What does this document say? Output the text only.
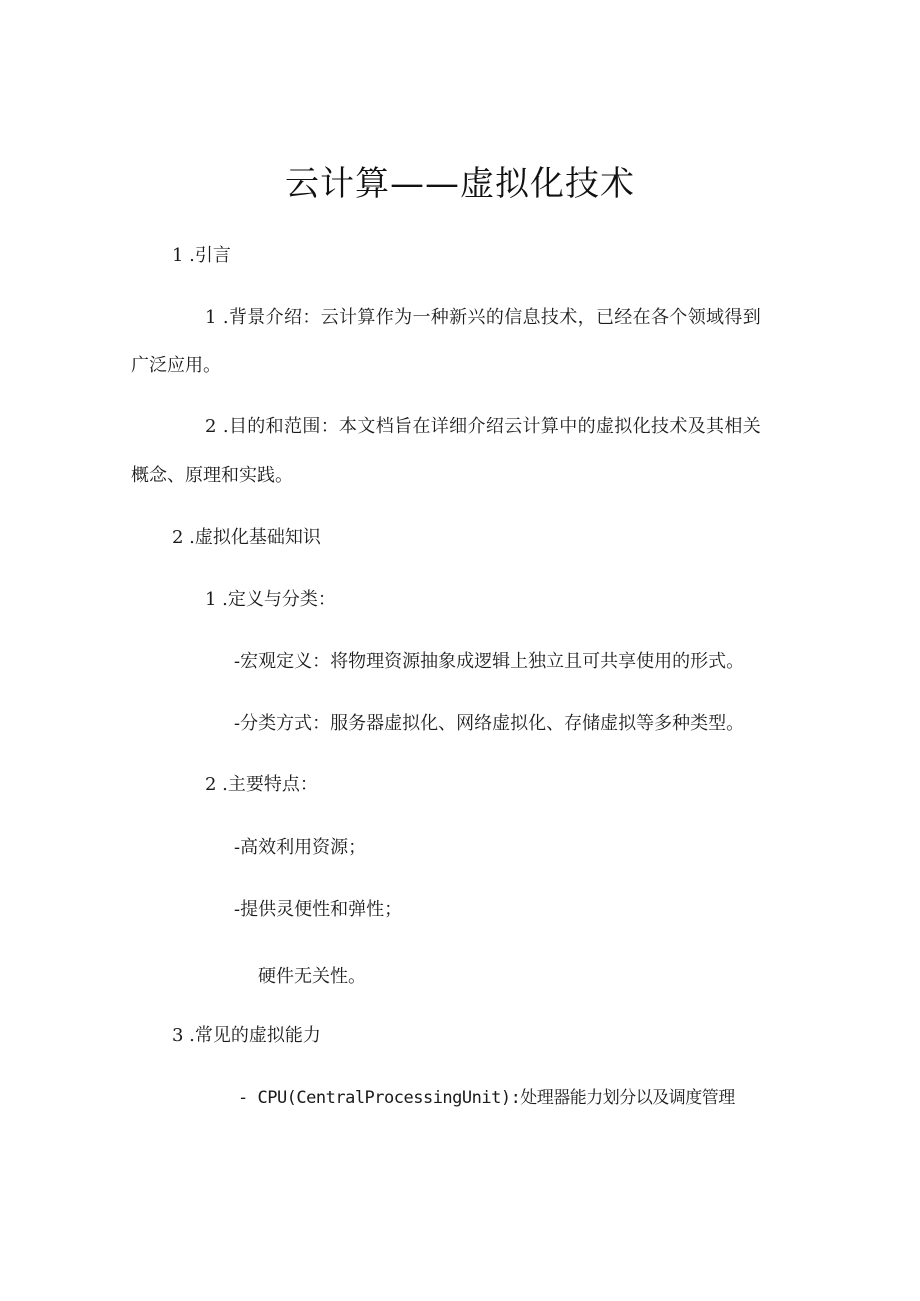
云计算——虚拟化技术
1 .引言
1 .背景介绍：云计算作为一种新兴的信息技术，已经在各个领域得到
广泛应用。
2 .目的和范围：本文档旨在详细介绍云计算中的虚拟化技术及其相关
概念、原理和实践。
2 .虚拟化基础知识
1 .定义与分类：
-宏观定义：将物理资源抽象成逻辑上独立且可共享使用的形式。
-分类方式：服务器虚拟化、网络虚拟化、存储虚拟等多种类型。
2 .主要特点：
-高效利用资源；
-提供灵便性和弹性；
硬件无关性。
3 .常见的虚拟能力
- CPU(CentralProcessingUnit):处理器能力划分以及调度管理
